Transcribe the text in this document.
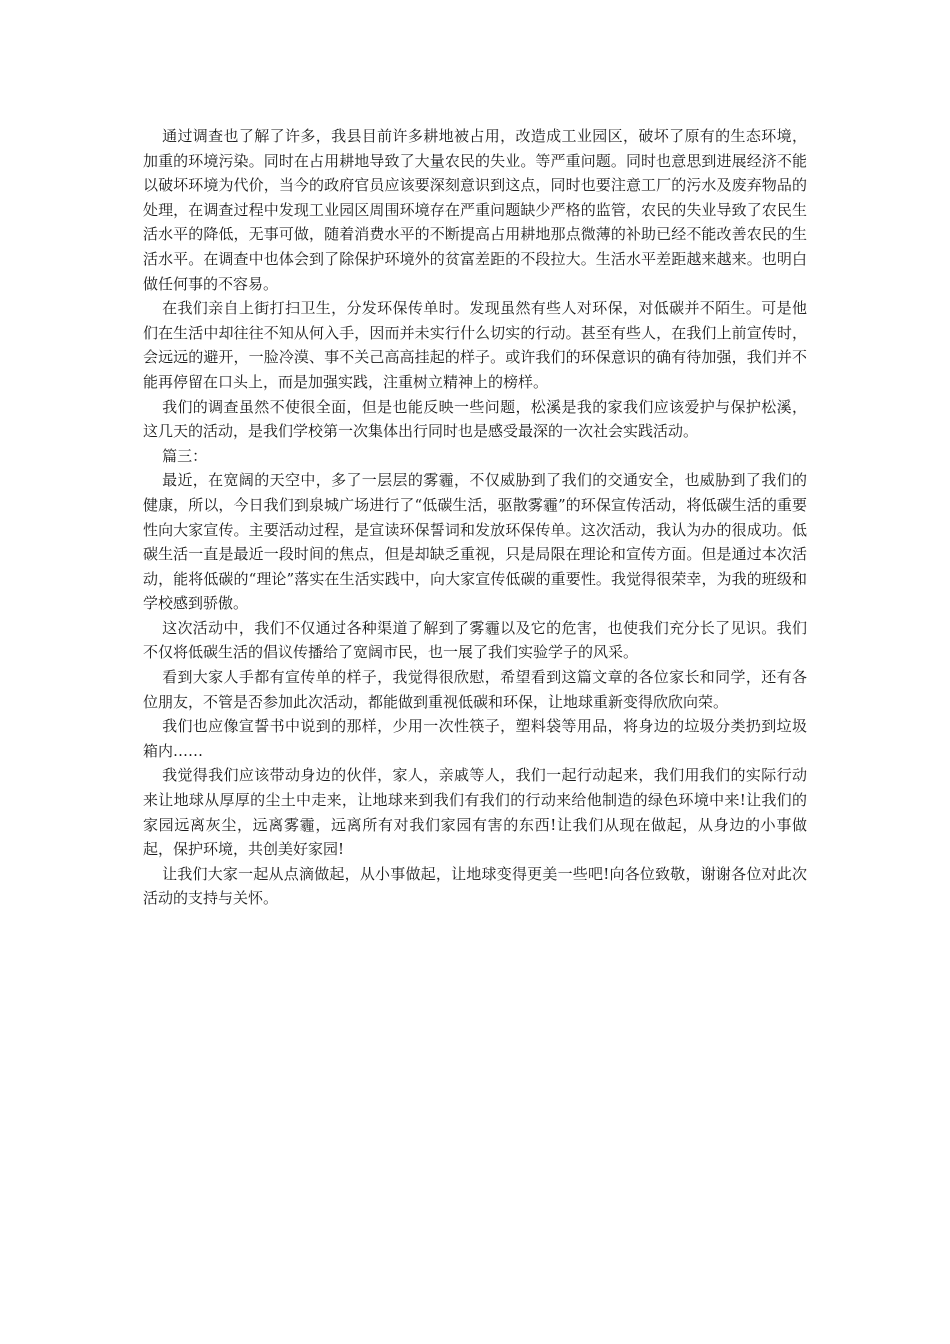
通过调查也了解了许多，我县目前许多耕地被占用，改造成工业园区，破坏了原有的生态环境，加重的环境污染。同时在占用耕地导致了大量农民的失业。等严重问题。同时也意思到进展经济不能以破坏环境为代价，当今的政府官员应该要深刻意识到这点，同时也要注意工厂的污水及废弃物品的处理，在调查过程中发现工业园区周围环境存在严重问题缺少严格的监管，农民的失业导致了农民生活水平的降低，无事可做，随着消费水平的不断提高占用耕地那点微薄的补助已经不能改善农民的生活水平。在调查中也体会到了除保护环境外的贫富差距的不段拉大。生活水平差距越来越来。也明白做任何事的不容易。

在我们亲自上街打扫卫生，分发环保传单时。发现虽然有些人对环保，对低碳并不陌生。可是他们在生活中却往往不知从何入手，因而并未实行什么切实的行动。甚至有些人，在我们上前宣传时，会远远的避开，一脸冷漠、事不关己高高挂起的样子。或许我们的环保意识的确有待加强，我们并不能再停留在口头上，而是加强实践，注重树立精神上的榜样。

我们的调查虽然不使很全面，但是也能反映一些问题，松溪是我的家我们应该爱护与保护松溪，这几天的活动，是我们学校第一次集体出行同时也是感受最深的一次社会实践活动。

篇三：

最近，在宽阔的天空中，多了一层层的雾霾，不仅威胁到了我们的交通安全，也威胁到了我们的健康，所以，今日我们到泉城广场进行了“低碳生活，驱散雾霾”的环保宣传活动，将低碳生活的重要性向大家宣传。主要活动过程，是宣读环保誓词和发放环保传单。这次活动，我认为办的很成功。低碳生活一直是最近一段时间的焦点，但是却缺乏重视，只是局限在理论和宣传方面。但是通过本次活动，能将低碳的“理论”落实在生活实践中，向大家宣传低碳的重要性。我觉得很荣幸，为我的班级和学校感到骄傲。

这次活动中，我们不仅通过各种渠道了解到了雾霾以及它的危害，也使我们充分长了见识。我们不仅将低碳生活的倡议传播给了宽阔市民，也一展了我们实验学子的风采。

看到大家人手都有宣传单的样子，我觉得很欣慰，希望看到这篇文章的各位家长和同学，还有各位朋友，不管是否参加此次活动，都能做到重视低碳和环保，让地球重新变得欣欣向荣。

我们也应像宣誓书中说到的那样，少用一次性筷子，塑料袋等用品，将身边的垃圾分类扔到垃圾箱内……

我觉得我们应该带动身边的伙伴，家人，亲戚等人，我们一起行动起来，我们用我们的实际行动来让地球从厚厚的尘土中走来，让地球来到我们有我们的行动来给他制造的绿色环境中来!让我们的家园远离灰尘，远离雾霾，远离所有对我们家园有害的东西!让我们从现在做起，从身边的小事做起，保护环境，共创美好家园!

让我们大家一起从点滴做起，从小事做起，让地球变得更美一些吧!向各位致敬，谢谢各位对此次活动的支持与关怀。
